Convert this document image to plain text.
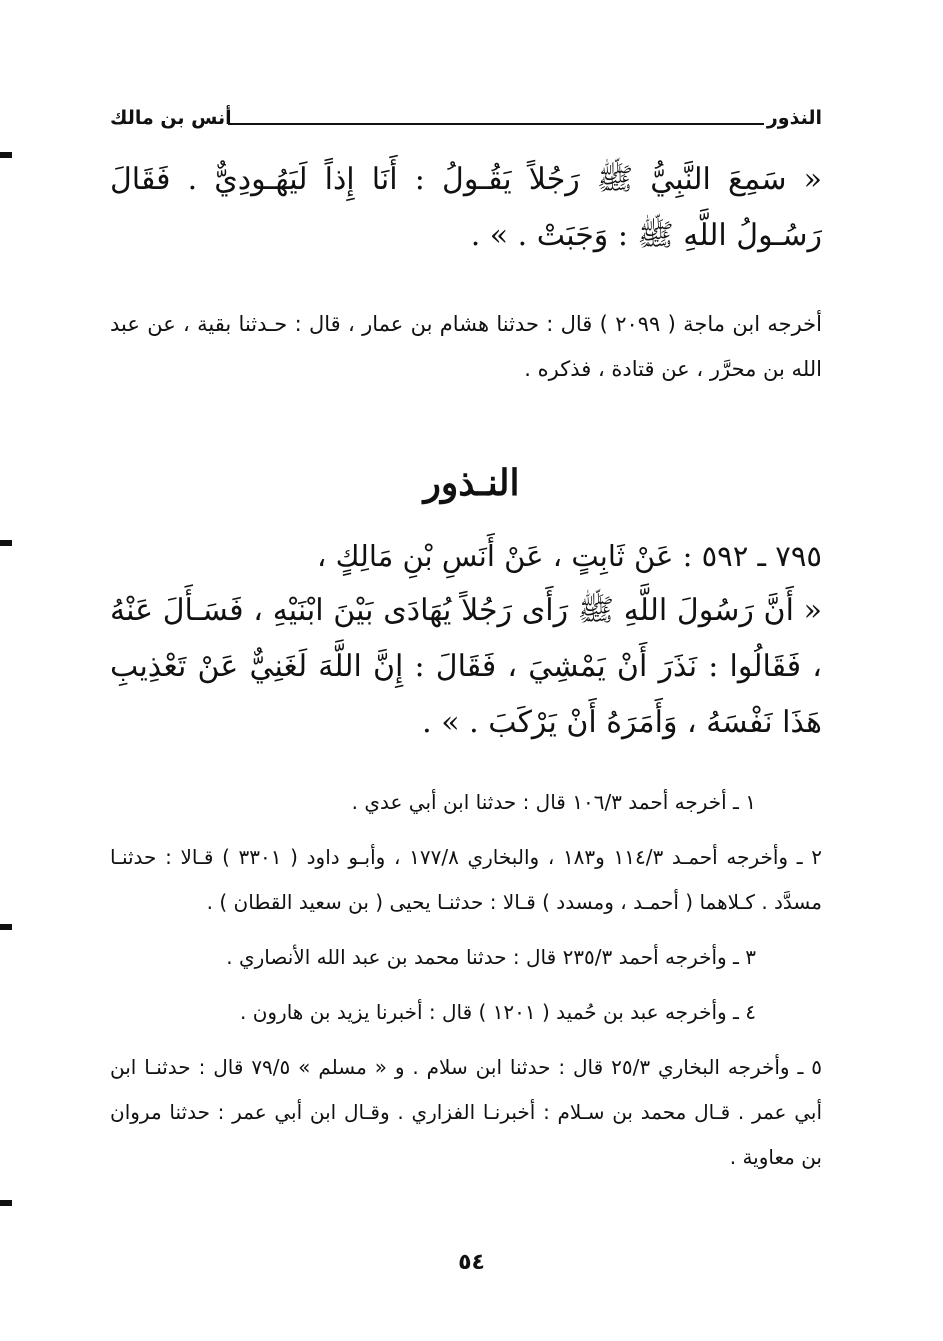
النذور
أنس بن مالك
« سَمِعَ النَّبِيُّ ﷺ رَجُلاً يَقُـولُ : أَنَا إِذاً لَيَهُـودِيٌّ . فَقَالَ رَسُـولُ اللَّهِ ﷺ : وَجَبَتْ . » .
أخرجه ابن ماجة ( ٢٠٩٩ ) قال : حدثنا هشام بن عمار ، قال : حـدثنا بقية ، عن عبد الله بن محرَّر ، عن قتادة ، فذكره .
النـذور
٧٩٥ ـ ٥٩٢ : عَنْ ثَابِتٍ ، عَنْ أَنَسِ بْنِ مَالِكٍ ،
« أَنَّ رَسُولَ اللَّهِ ﷺ رَأَى رَجُلاً يُهَادَى بَيْنَ ابْنَيْهِ ، فَسَـأَلَ عَنْهُ ، فَقَالُوا : نَذَرَ أَنْ يَمْشِيَ ، فَقَالَ : إِنَّ اللَّهَ لَغَنِيٌّ عَنْ تَعْذِيبِ هَذَا نَفْسَهُ ، وَأَمَرَهُ أَنْ يَرْكَبَ . » .
١ ـ أخرجه أحمد ١٠٦/٣ قال : حدثنا ابن أبي عدي .
٢ ـ وأخرجه أحمـد ١١٤/٣ و١٨٣ ، والبخاري ١٧٧/٨ ، وأبـو داود ( ٣٣٠١ ) قـالا : حدثنـا مسدَّد . كـلاهما ( أحمـد ، ومسدد ) قـالا : حدثنـا يحيى ( بن سعيد القطان ) .
٣ ـ وأخرجه أحمد ٢٣٥/٣ قال : حدثنا محمد بن عبد الله الأنصاري .
٤ ـ وأخرجه عبد بن حُميد ( ١٢٠١ ) قال : أخبرنا يزيد بن هارون .
٥ ـ وأخرجه البخاري ٢٥/٣ قال : حدثنا ابن سلام . و « مسلم » ٧٩/٥ قال : حدثنـا ابن أبي عمر . قـال محمد بن سـلام : أخبرنـا الفزاري . وقـال ابن أبي عمر : حدثنا مروان بن معاوية .
٥٤
